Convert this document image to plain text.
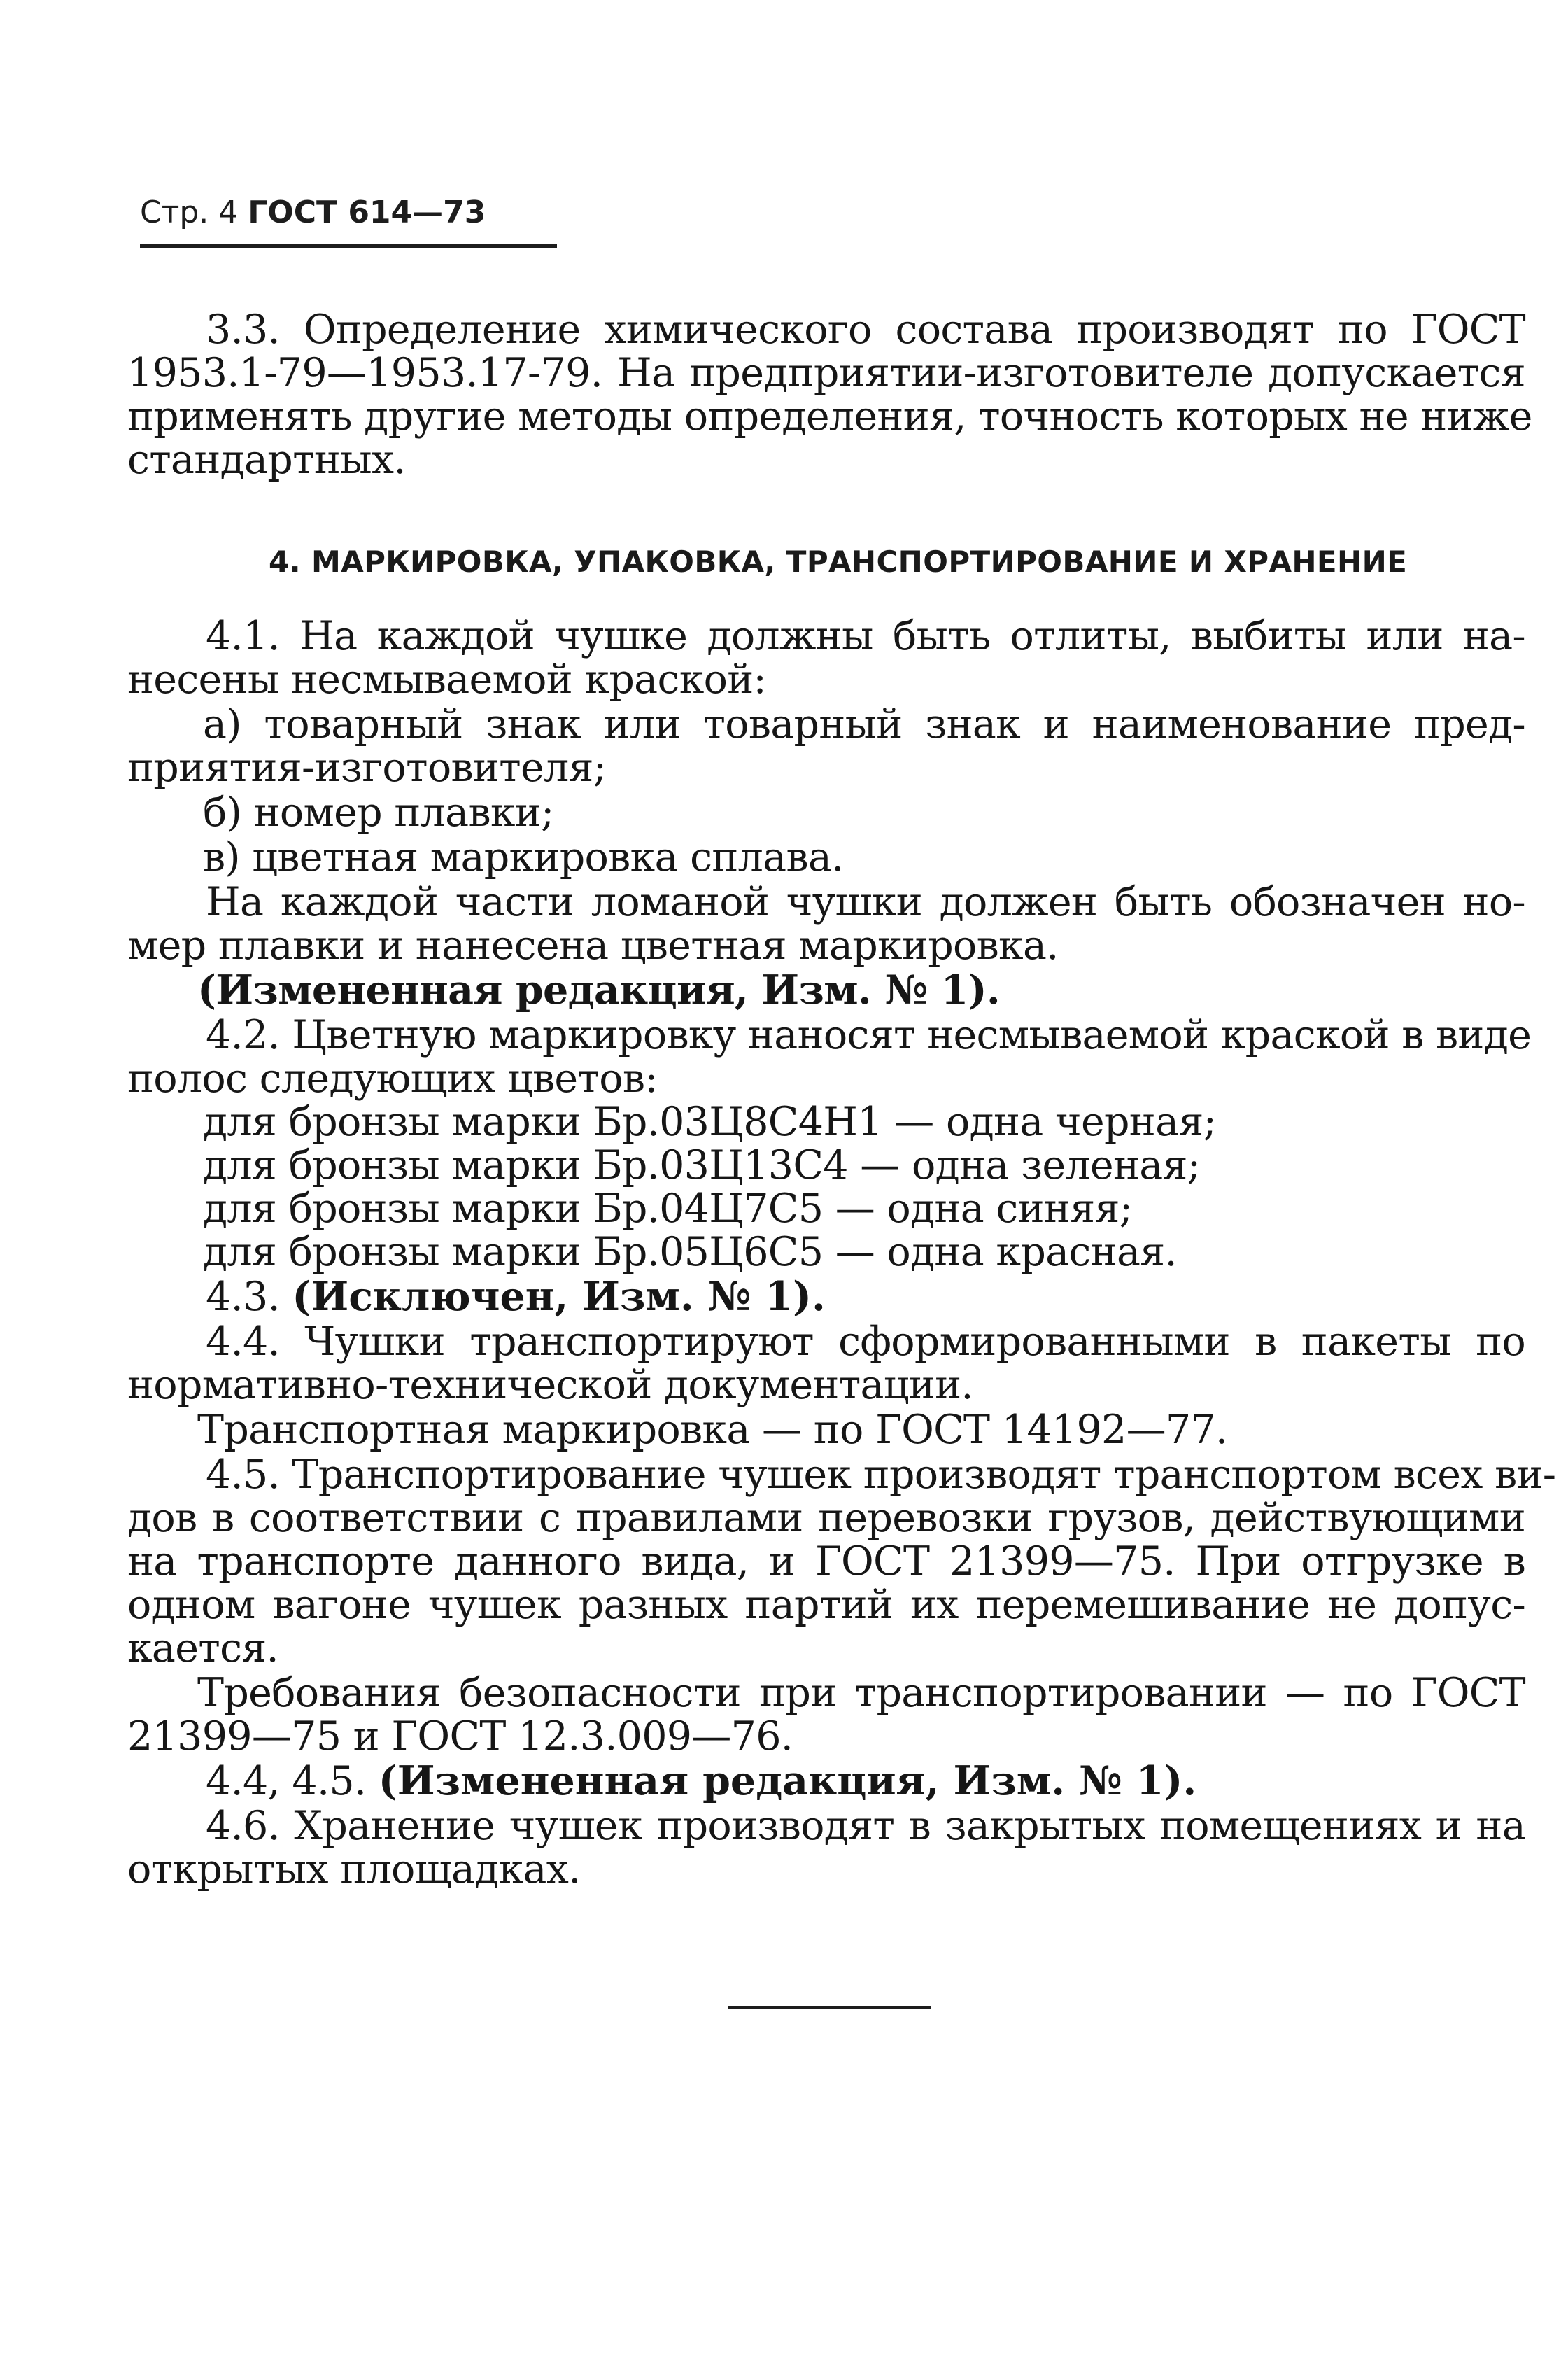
Стр. 4 ГОСТ 614—73
3.3. Определение химического состава производят по ГОСТ
1953.1-79—1953.17-79. На предприятии-изготовителе допускается
применять другие методы определения, точность которых не ниже
стандартных.
4. МАРКИРОВКА, УПАКОВКА, ТРАНСПОРТИРОВАНИЕ И ХРАНЕНИЕ
4.1. На каждой чушке должны быть отлиты, выбиты или на-
несены несмываемой краской:
а) товарный знак или товарный знак и наименование пред-
приятия-изготовителя;
б) номер плавки;
в) цветная маркировка сплава.
На каждой части ломаной чушки должен быть обозначен но-
мер плавки и нанесена цветная маркировка.
(Измененная редакция, Изм. № 1).
4.2. Цветную маркировку наносят несмываемой краской в виде
полос следующих цветов:
для бронзы марки Бр.03Ц8С4Н1 — одна черная;
для бронзы марки Бр.03Ц13С4 — одна зеленая;
для бронзы марки Бр.04Ц7С5 — одна синяя;
для бронзы марки Бр.05Ц6С5 — одна красная.
4.3. (Исключен, Изм. № 1).
4.4. Чушки транспортируют сформированными в пакеты по
нормативно-технической документации.
Транспортная маркировка — по ГОСТ 14192—77.
4.5. Транспортирование чушек производят транспортом всех ви-
дов в соответствии с правилами перевозки грузов, действующими
на транспорте данного вида, и ГОСТ 21399—75. При отгрузке в
одном вагоне чушек разных партий их перемешивание не допус-
кается.
Требования безопасности при транспортировании — по ГОСТ
21399—75 и ГОСТ 12.3.009—76.
4.4, 4.5. (Измененная редакция, Изм. № 1).
4.6. Хранение чушек производят в закрытых помещениях и на
открытых площадках.
